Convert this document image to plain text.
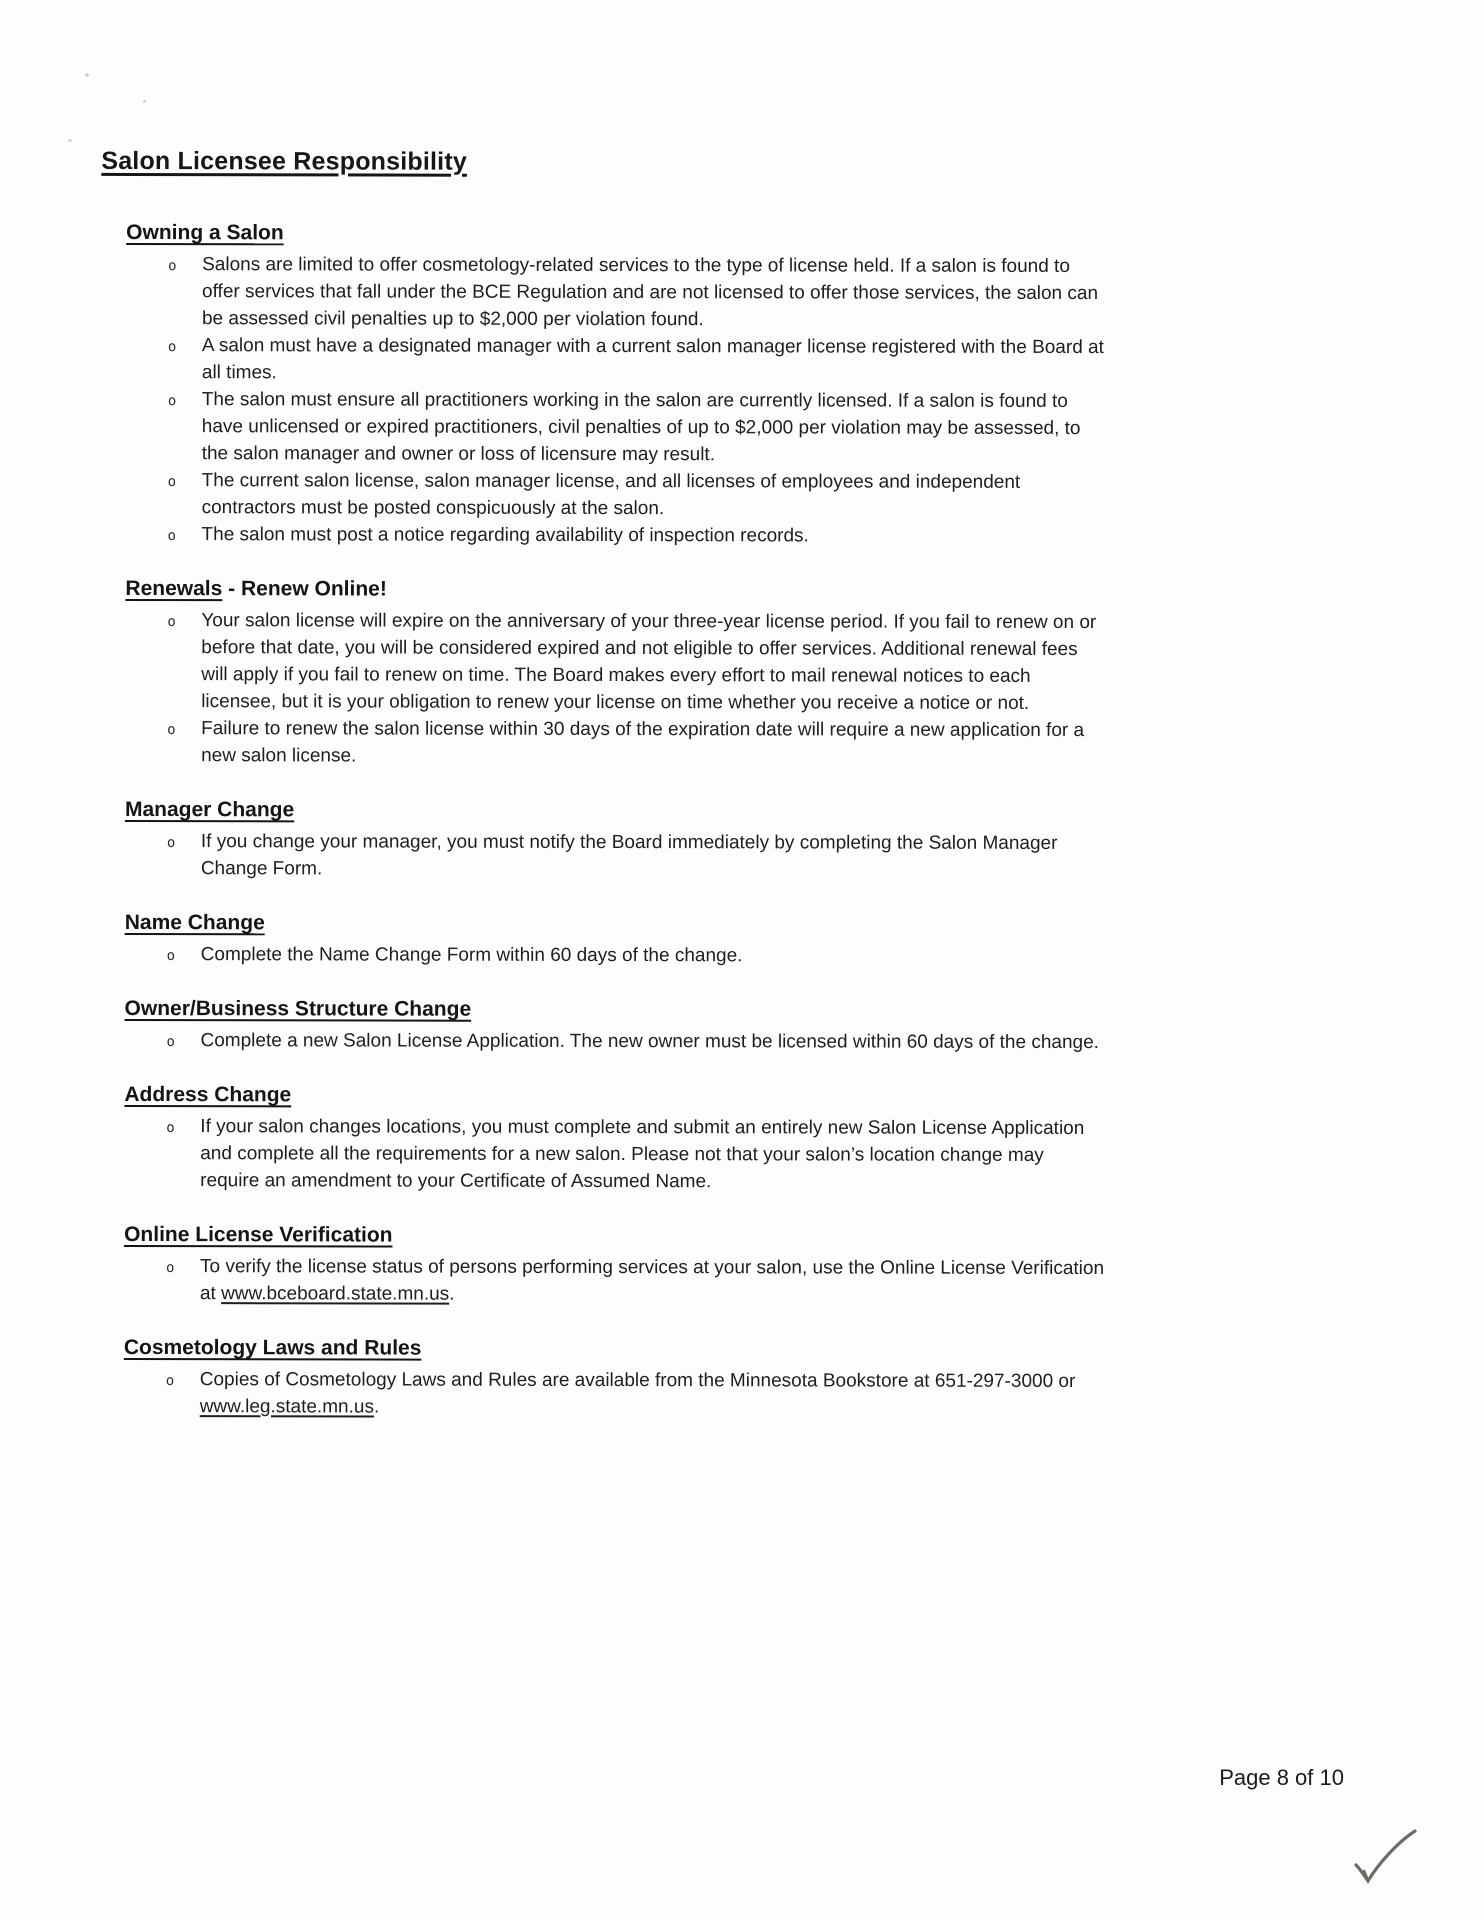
Salon Licensee Responsibility
Owning a Salon
o	Salons are limited to offer cosmetology-related services to the type of license held. If a salon is found to offer services that fall under the BCE Regulation and are not licensed to offer those services, the salon can be assessed civil penalties up to $2,000 per violation found.
o	A salon must have a designated manager with a current salon manager license registered with the Board at all times.
o	The salon must ensure all practitioners working in the salon are currently licensed. If a salon is found to have unlicensed or expired practitioners, civil penalties of up to $2,000 per violation may be assessed, to the salon manager and owner or loss of licensure may result.
o	The current salon license, salon manager license, and all licenses of employees and independent contractors must be posted conspicuously at the salon.
o	The salon must post a notice regarding availability of inspection records.
Renewals - Renew Online!
o	Your salon license will expire on the anniversary of your three-year license period. If you fail to renew on or before that date, you will be considered expired and not eligible to offer services. Additional renewal fees will apply if you fail to renew on time. The Board makes every effort to mail renewal notices to each licensee, but it is your obligation to renew your license on time whether you receive a notice or not.
o	Failure to renew the salon license within 30 days of the expiration date will require a new application for a new salon license.
Manager Change
o	If you change your manager, you must notify the Board immediately by completing the Salon Manager Change Form.
Name Change
o	Complete the Name Change Form within 60 days of the change.
Owner/Business Structure Change
o	Complete a new Salon License Application. The new owner must be licensed within 60 days of the change.
Address Change
o	If your salon changes locations, you must complete and submit an entirely new Salon License Application and complete all the requirements for a new salon. Please not that your salon’s location change may require an amendment to your Certificate of Assumed Name.
Online License Verification
o	To verify the license status of persons performing services at your salon, use the Online License Verification at www.bceboard.state.mn.us.
Cosmetology Laws and Rules
o	Copies of Cosmetology Laws and Rules are available from the Minnesota Bookstore at 651-297-3000 or www.leg.state.mn.us.
Page 8 of 10
